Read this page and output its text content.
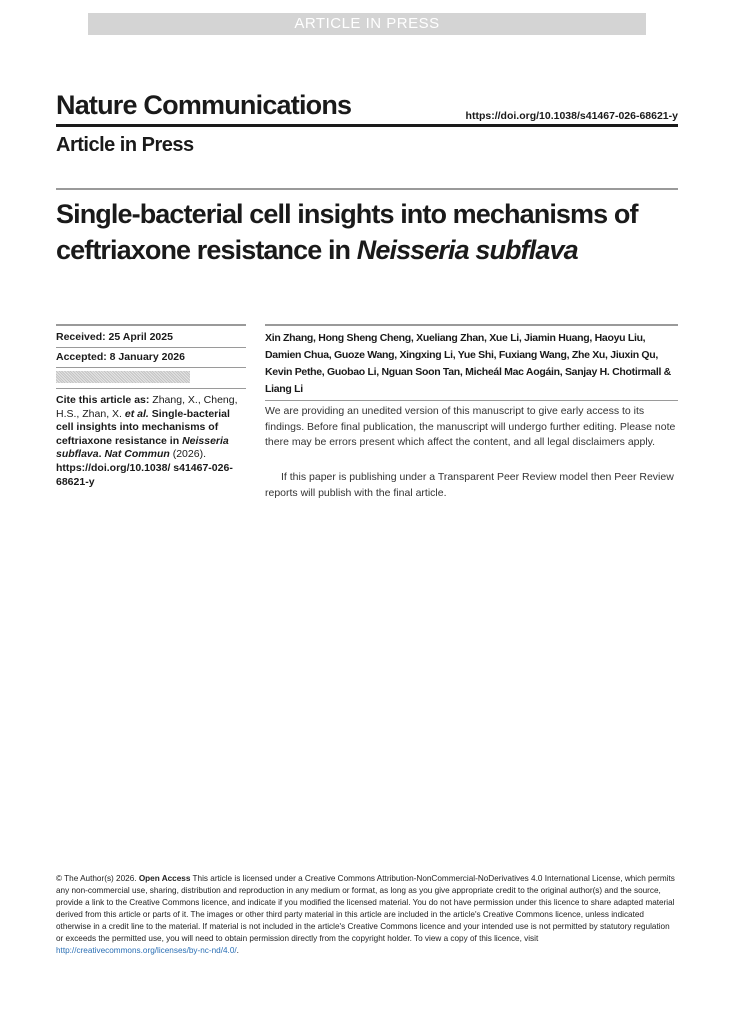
ARTICLE IN PRESS
Nature Communications	https://doi.org/10.1038/s41467-026-68621-y
Article in Press
Single-bacterial cell insights into mechanisms of ceftriaxone resistance in Neisseria subflava
Received: 25 April 2025
Accepted: 8 January 2026

Cite this article as: Zhang, X., Cheng, H.S., Zhan, X. et al. Single-bacterial cell insights into mechanisms of ceftriaxone resistance in Neisseria subflava. Nat Commun (2026).
https://doi.org/10.1038/ s41467-026-68621-y

Xin Zhang, Hong Sheng Cheng, Xueliang Zhan, Xue Li, Jiamin Huang, Haoyu Liu, Damien Chua, Guoze Wang, Xingxing Li, Yue Shi, Fuxiang Wang, Zhe Xu, Jiuxin Qu, Kevin Pethe, Guobao Li, Nguan Soon Tan, Micheál Mac Aogáin, Sanjay H. Chotirmall & Liang Li

We are providing an unedited version of this manuscript to give early access to its findings. Before final publication, the manuscript will undergo further editing. Please note there may be errors present which affect the content, and all legal disclaimers apply.

If this paper is publishing under a Transparent Peer Review model then Peer Review reports will publish with the final article.

© The Author(s) 2026. Open Access This article is licensed under a Creative Commons Attribution-NonCommercial-NoDerivatives 4.0 International License, which permits any non-commercial use, sharing, distribution and reproduction in any medium or format, as long as you give appropriate credit to the original author(s) and the source, provide a link to the Creative Commons licence, and indicate if you modified the licensed material. You do not have permission under this licence to share adapted material derived from this article or parts of it. The images or other third party material in this article are included in the article's Creative Commons licence, unless indicated otherwise in a credit line to the material. If material is not included in the article's Creative Commons licence and your intended use is not permitted by statutory regulation or exceeds the permitted use, you will need to obtain permission directly from the copyright holder. To view a copy of this licence, visit http://creativecommons.org/licenses/by-nc-nd/4.0/.
